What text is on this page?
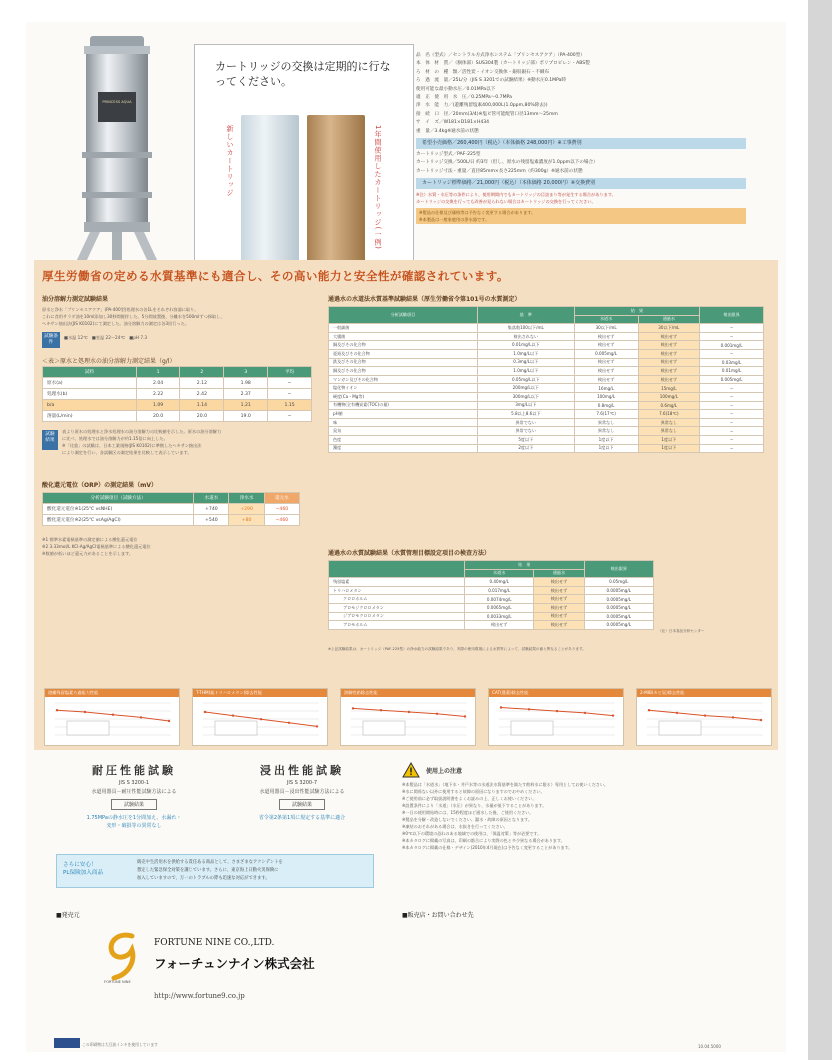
PRINCESS AQUA
カートリッジの交換は定期的に行なってください。
新しいカートリッジ	1年間使用したカートリッジ(一例)
品　名（型式）／セントラル方式浄水システム「プリンセスアクア」（PA-400型）
本　体　材　質／（胴体部）SUS304製（カートリッジ部）ポリプロピレン・ABS製
ろ　材　の　種　類／活性炭・イオン交換体・銀収銀石・不織布
ろ　過　流　量／25L/分（JIS S 3201での試験結果）※動水圧0.1MPa時
使用可能な最小動水圧／0.01MPa以下
適　正　使　用　水　圧／0.25MPa〜0.7MPa
浄　水　能　力／(遊離残留塩素400,000L(1.0ppm,80%除去))
接　続　口　径／20mm(3/4)※塩ビ管可能配管口径13mm〜25mm
サ　イ　ズ／W181×D181×H434
重　量／3.4kg※通水前の状態
希望小売価格／260,400円（税込）（本体価格 248,000円）※工事費別
カートリッジ型式／PAF-225型
カートリッジ交換／500L/日 約3年（但し、原水の残留塩素濃度が1.0ppm以下の場合）
カートリッジ寸法・重量／直径85mm×長さ225mm（約300g）※通水前の状態
カートリッジ標準価格／21,000円（税込）（本体価格 20,000円）※交換費別
※注）水質・水圧等の条件により、使用期間内でもカートリッジの目詰まり等が発生する場合があります。
カートリッジの交換を行っても改善が見られない場合はカートリッジの交換を行ってください。
※製品の仕様及び価格等は予告なく変更する場合があります。
※本製品は一般家庭用の浄水器です。
厚生労働省の定める水質基準にも適合し、その高い能力と安全性が確認されています。
油分溶解力測定試験結果
原水と浄水「プリンセスアクア」(PA-400型)処理水の各1Lをそれぞれ容器に取り、
これに食用サラダ油を10ml添加し30秒間撹拌した。5分間放置後、分離水を500mlずつ採取し、
ヘキサン抽出法(JIS K0102)にて測定した。油分溶解力の測定は各3回行った。
試験条件
■水温 12℃　■室温 22〜24℃　■pH 7.3
＜表＞原水と処理水の油分溶解力測定結果（g/l）
試料	1	2	3	平均
原水(a)	2.04	2.12	1.98	−
処理水(b)	2.22	2.42	2.37	−
b/a	1.09	1.14	1.21	1.15
溶量(L/min)	20.0	20.0	19.0	−
試験結果
表より原水の処理水と浄水処理水の油分溶解力の比較値を示した。原水の油分溶解力
に比べ、処理水では油分溶解力が約1.15倍に向上した。
※「比重」の試験は、日本工業規格(JIS K0102)に準拠したヘキサン抽出法
により測定を行い、各試験区の測定結果を比較して表示しています。
酸化還元電位（ORP）の測定結果（mV）
分析試験項目（試験方法）	水道水	浄水水	還元水
酸化還元電位※1(25℃ vsNHE)	+740	+290	−460
酸化還元電位※2(25℃ vsAg/AgCl)	+540	+80	−460
※1 標準水素電極基準の測定値による酸化還元電位
※2 3.33mol/L KCl-Ag/AgCl電極基準による酸化還元電位
※数値が低いほど還元力があることを示します。
通過水の水道法水質基準試験結果（厚生労働省令第101号の水質測定）
分析試験項目	基　準	結　果		検出限界
		水道水	通過水	
一般細菌	集落数100以下/mL	30以下/mL	30以下/mL	−
大腸菌	検出されない	検出せず	検出せず	−
銅及びその化合物	0.01mg/L以下	検出せず	検出せず	0.001mg/L
亜鉛及びその化合物	1.0mg/L以下	0.005mg/L	検出せず	−
鉄及びその化合物	0.3mg/L以下	検出せず	検出せず	0.03mg/L
銅及びその化合物	1.0mg/L以下	検出せず	検出せず	0.01mg/L
マンガン及びその化合物	0.05mg/L以下	検出せず	検出せず	0.005mg/L
塩化物イオン	200mg/L以下	16mg/L	15mg/L	−
硬度(Ca・Mg等)	300mg/L以下	100mg/L	100mg/L	−
有機物(全有機炭素(TOC)の量)	3mg/L以下	0.8mg/L	0.6mg/L	−
pH値	5.8以上8.6以下	7.6(17℃)	7.6(18℃)	−
味	異常でない	異常なし	異常なし	−
臭気	異常でない	異常なし	異常なし	−
色度	5度以下	1度以下	1度以下	−
濁度	2度以下	1度以下	1度以下	−
通過水の水質試験結果（水質管理目標設定項目の検査方法）
	結　果		検出限界
	水道水	通過水	
残留塩素	0.40mg/L	検出せず	0.05mg/L
トリハロメタン	0.017mg/L	検出せず	0.0005mg/L
クロロホルム	0.0074mg/L	検出せず	0.0005mg/L
ブロモジクロロメタン	0.0065mg/L	検出せず	0.0005mg/L
ジブロモクロロメタン	0.0033mg/L	検出せず	0.0005mg/L
ブロモホルム	検出せず	検出せず	0.0005mg/L
（社）日本食品分析センター
※上記試験結果は、カートリッジ（PAF-225型）の浄水能力の試験結果であり、実際の使用環境による水質等によって、試験結果の値と異なることがあります。
遊離残留塩素ろ過能力性能	T-THM(総トリハロメタン)除去性能	溶解性鉛除去性能	CAT(農薬)除去性能	2-MIB(カビ臭)除去性能
耐圧性能試験
JIS S 3200-1
水道用器具－耐圧性能試験方法による
試験結果
1.75MPaの静水圧を1分間加え、水漏れ・
変形・破損等の異常なし
浸出性能試験
JIS S 3200-7
水道用器具－浸出性能試験方法による
試験結果
省令第2条第1項に規定する基準に適合
使用上の注意
※本製品は「水道水」（地下水・井戸水等の水道法水質基準を満たす飲料水に限る）専用としてお使いください。
※水に関係ない以外に使用すると故障の原因になりますのでおやめください。
※ご使用前に必ず取扱説明書をよくお読みの上、正しくお使いください。
※設置条件により「水道」（水圧）が異なり、水量が低下することがあります。
※一日の使用開始時には、15秒程度ほど通水した後、ご使用ください。
※製品を分解・改造しないでください。漏水・故障の原因となります。
※凍結のおそれがある場合は、水抜きを行ってください。
※0℃以下の環境の恐れのある地域での使用は、「保温対策」等が必要です。
※本カタログに掲載の写真は、印刷の都合により実際の色と多少異なる場合があります。
※本カタログに掲載の仕様・デザイン(2010年4月現在)は予告なく変更することがあります。
さらに安心！
PL保険加入商品
販売や生活用水を供給する責任ある商品として、さまざまなアクシデントを
想定した緊急保全対策を講じています。さらに、東京海上日動火災保険に
加入していますので、万一のトラブルの際も迅速な対応ができます。
■発売元	■販売店・お問い合わせ先
FORTUNE NINE CO.,LTD.
フォーチュンナイン株式会社
FORTUNE NINE
http://www.fortune9.co.jp
この印刷物は大豆油インキを使用しています	10.04.5000
